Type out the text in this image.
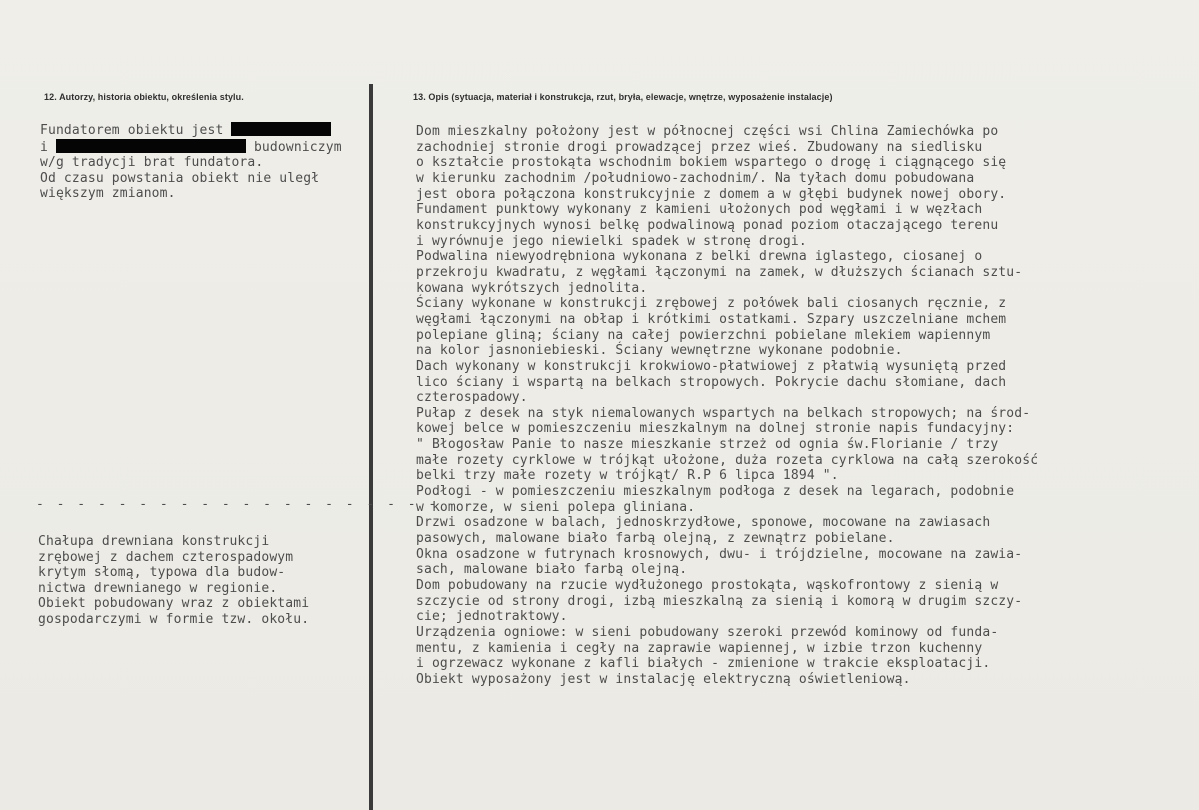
12. Autorzy, historia obiektu, określenia stylu.	13. Opis (sytuacja, materiał i konstrukcja, rzut, bryła, elewacje, wnętrze, wyposażenie instalacje)
Fundatorem obiektu jest
i	budowniczym
w/g tradycji brat fundatora.
Od czasu powstania obiekt nie uległ
większym zmianom.
- - - - - - - - - - - - - - - - - - - -
Chałupa drewniana konstrukcji
zrębowej z dachem czterospadowym
krytym słomą, typowa dla budow-
nictwa drewnianego w regionie.
Obiekt pobudowany wraz z obiektami
gospodarczymi w formie tzw. okołu.
Dom mieszkalny położony jest w północnej części wsi Chlina Zamiechówka po
zachodniej stronie drogi prowadzącej przez wieś. Zbudowany na siedlisku
o kształcie prostokąta wschodnim bokiem wspartego o drogę i ciągnącego się
w kierunku zachodnim /południowo-zachodnim/. Na tyłach domu pobudowana
jest obora połączona konstrukcyjnie z domem a w głębi budynek nowej obory.
Fundament punktowy wykonany z kamieni ułożonych pod węgłami i w węzłach
konstrukcyjnych wynosi belkę podwalinową ponad poziom otaczającego terenu
i wyrównuje jego niewielki spadek w stronę drogi.
Podwalina niewyodrębniona wykonana z belki drewna iglastego, ciosanej o
przekroju kwadratu, z węgłami łączonymi na zamek, w dłuższych ścianach sztu-
kowana wykrótszych jednolita.
Ściany wykonane w konstrukcji zrębowej z połówek bali ciosanych ręcznie, z
węgłami łączonymi na obłap i krótkimi ostatkami. Szpary uszczelniane mchem
polepiane gliną; ściany na całej powierzchni pobielane mlekiem wapiennym
na kolor jasnoniebieski. Ściany wewnętrzne wykonane podobnie.
Dach wykonany w konstrukcji krokwiowo-płatwiowej z płatwią wysuniętą przed
lico ściany i wspartą na belkach stropowych. Pokrycie dachu słomiane, dach
czterospadowy.
Pułap z desek na styk niemalowanych wspartych na belkach stropowych; na środ-
kowej belce w pomieszczeniu mieszkalnym na dolnej stronie napis fundacyjny:
" Błogosław Panie to nasze mieszkanie strzeż od ognia św.Florianie / trzy
małe rozety cyrklowe w trójkąt ułożone, duża rozeta cyrklowa na całą szerokość
belki trzy małe rozety w trójkąt/ R.P 6 lipca 1894 ".
Podłogi - w pomieszczeniu mieszkalnym podłoga z desek na legarach, podobnie
w komorze, w sieni polepa gliniana.
Drzwi osadzone w balach, jednoskrzydłowe, sponowe, mocowane na zawiasach
pasowych, malowane biało farbą olejną, z zewnątrz pobielane.
Okna osadzone w futrynach krosnowych, dwu- i trójdzielne, mocowane na zawia-
sach, malowane biało farbą olejną.
Dom pobudowany na rzucie wydłużonego prostokąta, wąskofrontowy z sienią w
szczycie od strony drogi, izbą mieszkalną za sienią i komorą w drugim szczy-
cie; jednotraktowy.
Urządzenia ogniowe: w sieni pobudowany szeroki przewód kominowy od funda-
mentu, z kamienia i cegły na zaprawie wapiennej, w izbie trzon kuchenny
i ogrzewacz wykonane z kafli białych - zmienione w trakcie eksploatacji.
Obiekt wyposażony jest w instalację elektryczną oświetleniową.
